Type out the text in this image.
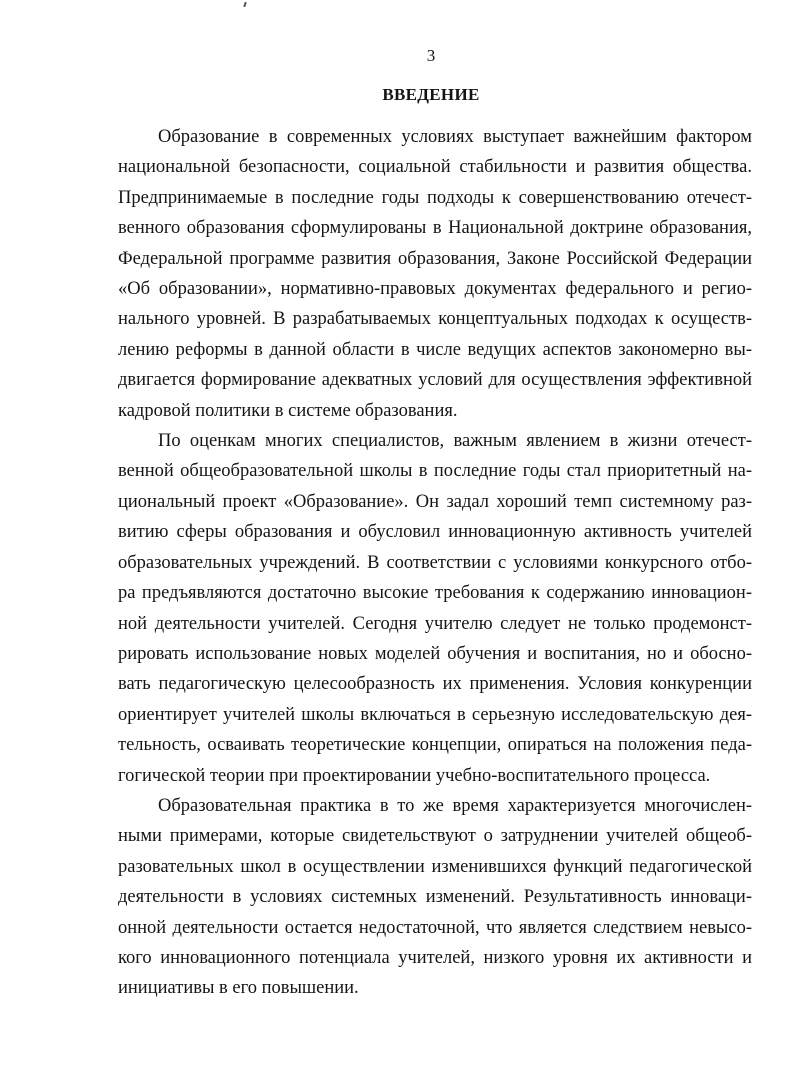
3
ВВЕДЕНИЕ

Образование в современных условиях выступает важнейшим фактором
национальной безопасности, социальной стабильности и развития общества.
Предпринимаемые в последние годы подходы к совершенствованию отечест-
венного образования сформулированы в Национальной доктрине образования,
Федеральной программе развития образования, Законе Российской Федерации
«Об образовании», нормативно-правовых документах федерального и регио-
нального уровней. В разрабатываемых концептуальных подходах к осуществ-
лению реформы в данной области в числе ведущих аспектов закономерно вы-
двигается формирование адекватных условий для осуществления эффективной
кадровой политики в системе образования.

По оценкам многих специалистов, важным явлением в жизни отечест-
венной общеобразовательной школы в последние годы стал приоритетный на-
циональный проект «Образование». Он задал хороший темп системному раз-
витию сферы образования и обусловил инновационную активность учителей
образовательных учреждений. В соответствии с условиями конкурсного отбо-
ра предъявляются достаточно высокие требования к содержанию инновацион-
ной деятельности учителей. Сегодня учителю следует не только продемонст-
рировать использование новых моделей обучения и воспитания, но и обосно-
вать педагогическую целесообразность их применения. Условия конкуренции
ориентирует учителей школы включаться в серьезную исследовательскую дея-
тельность, осваивать теоретические концепции, опираться на положения педа-
гогической теории при проектировании учебно-воспитательного процесса.

Образовательная практика в то же время характеризуется многочислен-
ными примерами, которые свидетельствуют о затруднении учителей общеоб-
разовательных школ в осуществлении изменившихся функций педагогической
деятельности в условиях системных изменений. Результативность инноваци-
онной деятельности остается недостаточной, что является следствием невысо-
кого инновационного потенциала учителей, низкого уровня их активности и
инициативы в его повышении.
